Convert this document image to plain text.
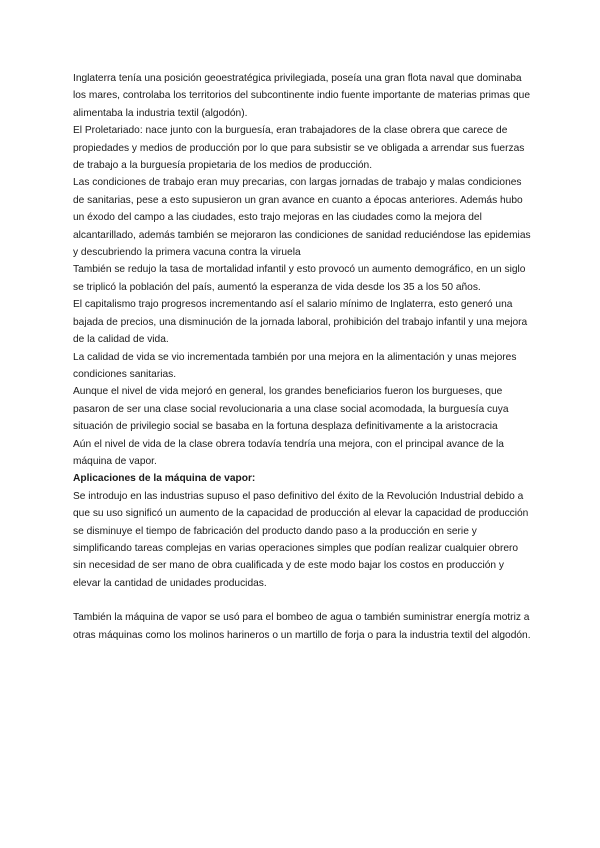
Inglaterra tenía una posición geoestratégica privilegiada, poseía una gran flota naval que dominaba los mares, controlaba los territorios del subcontinente indio fuente importante de materias primas que alimentaba la industria textil (algodón).

El Proletariado: nace junto con la burguesía, eran trabajadores de la clase obrera que carece de propiedades y medios de producción por lo que para subsistir se ve obligada a arrendar sus fuerzas de trabajo a la burguesía propietaria de los medios de producción.

Las condiciones de trabajo eran muy precarias, con largas jornadas de trabajo y malas condiciones de sanitarias, pese a esto supusieron un gran avance en cuanto a épocas anteriores. Además hubo un éxodo del campo a las ciudades, esto trajo mejoras en las ciudades como la mejora del alcantarillado, además también se mejoraron las condiciones de sanidad reduciéndose las epidemias y descubriendo la primera vacuna contra la viruela

También se redujo la tasa de mortalidad infantil y esto provocó un aumento demográfico, en un siglo se triplicó la población del país, aumentó la esperanza de vida desde los 35 a los 50 años.

El capitalismo trajo progresos incrementando así el salario mínimo de Inglaterra, esto generó una bajada de precios, una disminución de la jornada laboral, prohibición del trabajo infantil y una mejora de la calidad de vida.

La calidad de vida se vio incrementada también por una mejora en la alimentación y unas mejores condiciones sanitarias.

Aunque el nivel de vida mejoró en general, los grandes beneficiarios fueron los burgueses, que pasaron de ser una clase social revolucionaria a una clase social acomodada, la burguesía cuya situación de privilegio social se basaba en la fortuna desplaza definitivamente a la aristocracia

Aún el nivel de vida de la clase obrera todavía tendría una mejora, con el principal avance de la máquina de vapor.

Aplicaciones de la máquina de vapor:

Se introdujo en las industrias supuso el paso definitivo del éxito de la Revolución Industrial debido a que su uso significó un aumento de la capacidad de producción al elevar la capacidad de producción se disminuye el tiempo de fabricación del producto dando paso a la producción en serie y simplificando tareas complejas en varias operaciones simples que podían realizar cualquier obrero sin necesidad de ser mano de obra cualificada y de este modo bajar los costos en producción y elevar la cantidad de unidades producidas.

También la máquina de vapor se usó para el bombeo de agua o también suministrar energía motriz a otras máquinas como los molinos harineros o un martillo de forja o para la industria textil del algodón.
